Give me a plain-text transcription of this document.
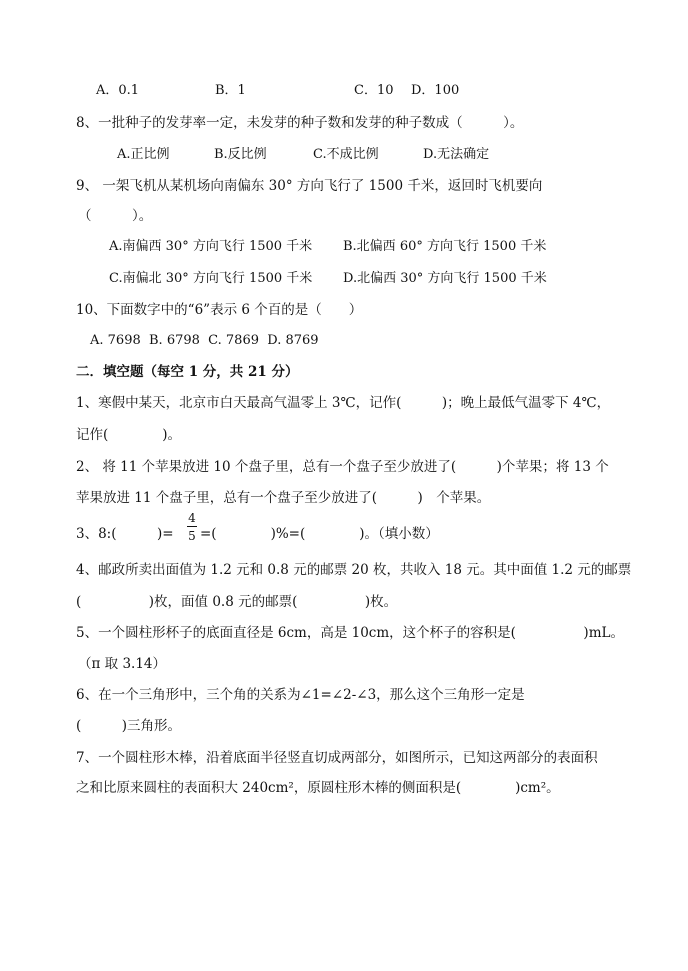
A．0.1	B．1	C．10 D．100
8、一批种子的发芽率一定，未发芽的种子数和发芽的种子数成（　　　）。
A.正比例	B.反比例	C.不成比例	D.无法确定
9、 一架飞机从某机场向南偏东 30° 方向飞行了 1500 千米，返回时飞机要向
（　　　）。
A.南偏西 30° 方向飞行 1500 千米 B.北偏西 60° 方向飞行 1500 千米
C.南偏北 30° 方向飞行 1500 千米 D.北偏西 30° 方向飞行 1500 千米
10、下面数字中的“6”表示 6 个百的是（　　）
A. 7698  B. 6798  C. 7869  D. 8769
二．填空题（每空 1 分，共 21 分）
1、寒假中某天，北京市白天最高气温零上 3℃，记作(　　　)；晚上最低气温零下 4℃，
记作(　　　　)。
2、 将 11 个苹果放进 10 个盘子里，总有一个盘子至少放进了(　　　)个苹果；将 13 个
苹果放进 11 个盘子里，总有一个盘子至少放进了(　　　)　个苹果。
3、8:(　　　)=
4
5 =(　　　　)%=(　　　　)。（填小数）
4、邮政所卖出面值为 1.2 元和 0.8 元的邮票 20 枚，共收入 18 元。其中面值 1.2 元的邮票
(　　　　　)枚，面值 0.8 元的邮票(　　　　　)枚。
5、一个圆柱形杯子的底面直径是 6cm，高是 10cm，这个杯子的容积是(　　　　　)mL。
（π 取 3.14）
6、在一个三角形中，三个角的关系为∠1=∠2-∠3，那么这个三角形一定是
(　　　)三角形。
7、一个圆柱形木棒，沿着底面半径竖直切成两部分，如图所示，已知这两部分的表面积
之和比原来圆柱的表面积大 240cm²，原圆柱形木棒的侧面积是(　　　　)cm²。
